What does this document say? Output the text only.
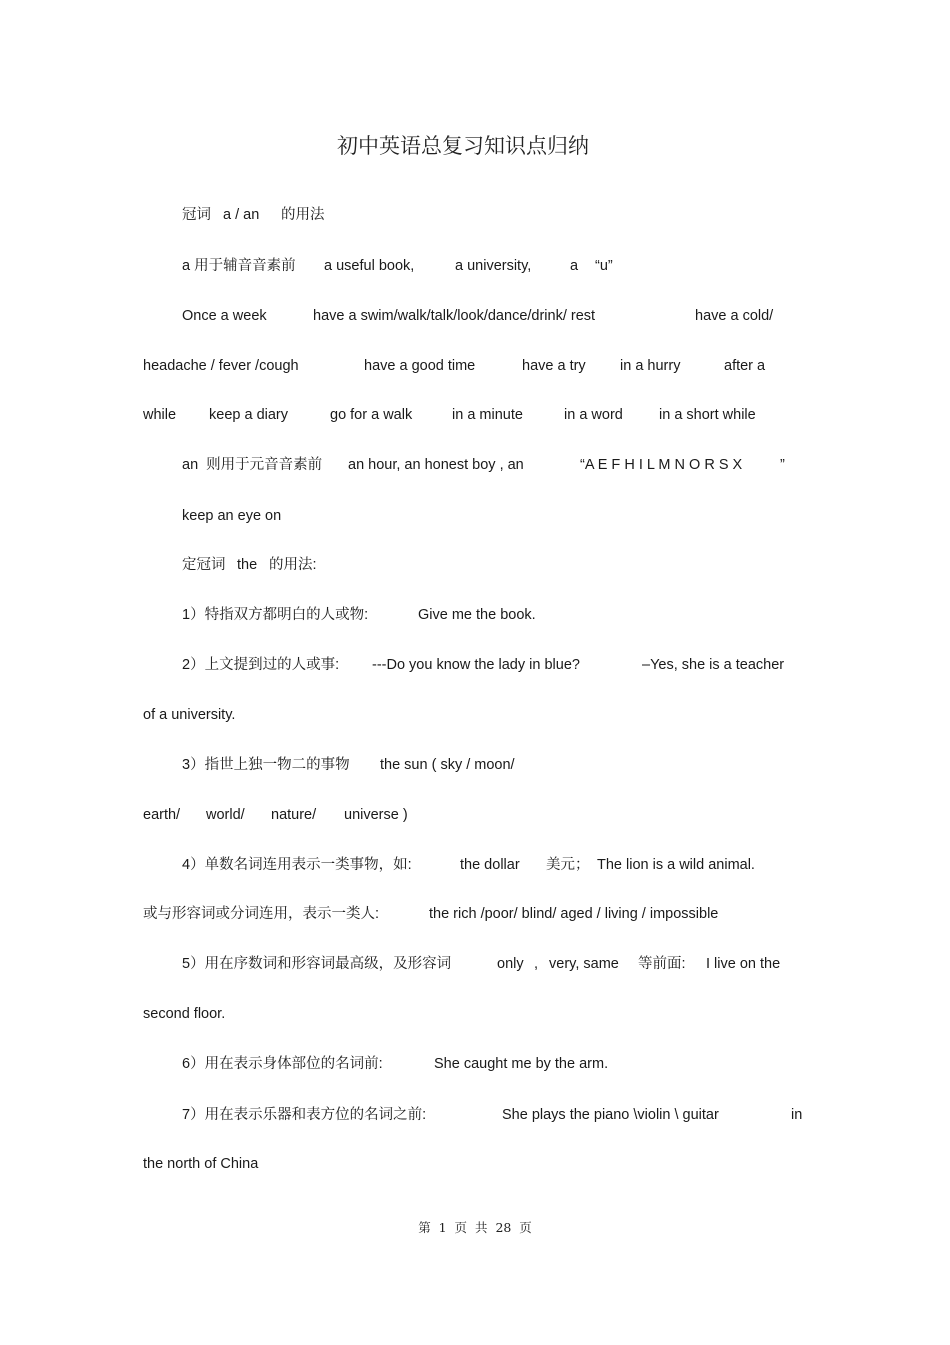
初中英语总复习知识点归纳
冠词 a / an 的用法
a 用于辅音音素前 a useful book,	a university,	a “u”
Once a week	have a swim/walk/talk/look/dance/drink/ rest	have a cold/
headache / fever /cough	have a good time	have a try in a hurry	after a
while keep a diary	go for a walk	in a minute	in a word in a short while
an  则用于元音音素前 an hour, an honest boy , an	“A E F H I L M N O R S X	”
keep an eye on
定冠词 the 的用法:
1）特指双方都明白的人或物:	Give me the book.
2）上文提到过的人或事: ---Do you know the lady in blue?	–Yes, she is a teacher
of a university.
3）指世上独一物二的事物 the sun ( sky / moon/
earth/ world/ nature/ universe )
4）单数名词连用表示一类事物，如:	the dollar 美元； The lion is a wild animal.
或与形容词或分词连用，表示一类人:	the rich /poor/ blind/ aged / living / impossible
5）用在序数词和形容词最高级，及形容词	only , very, same 等前面: I live on the
second floor.
6）用在表示身体部位的名词前:	She caught me by the arm.
7）用在表示乐器和表方位的名词之前:	She plays the piano \violin \ guitar	in
the north of China
第  1  页  共  28  页
